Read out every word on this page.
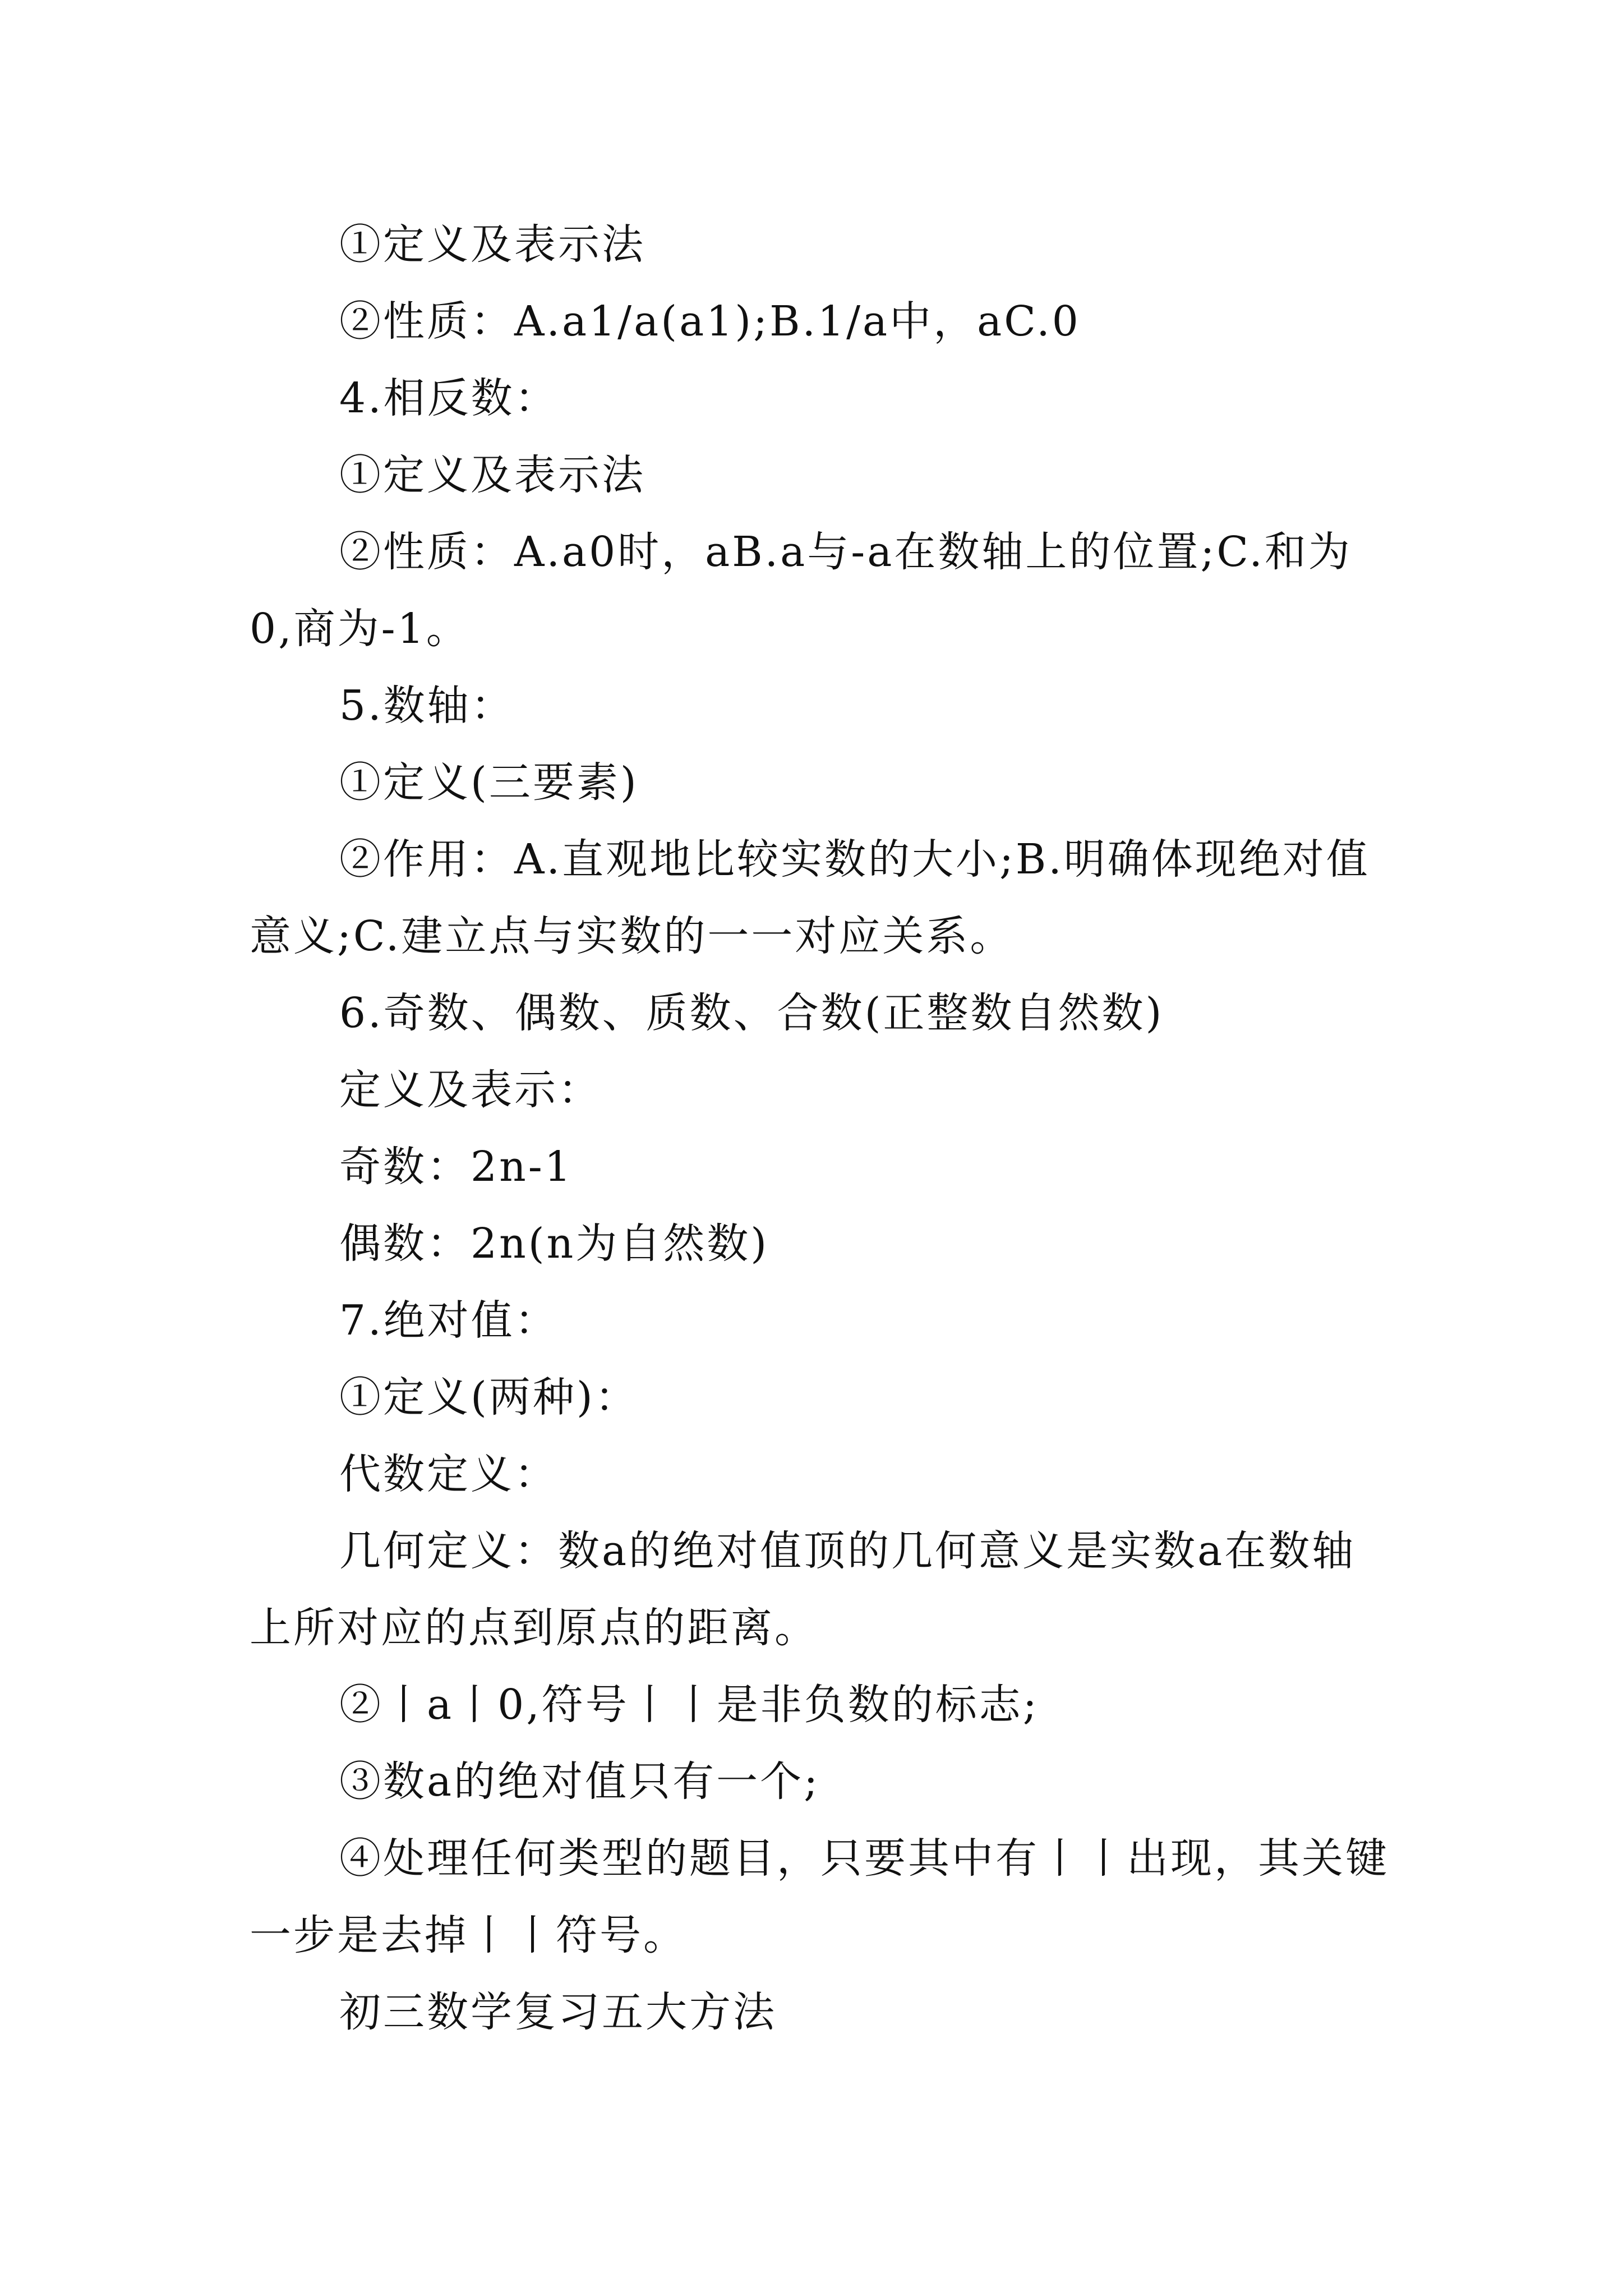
①定义及表示法

②性质：A.a1/a(a1);B.1/a中，aC.0

4.相反数：

①定义及表示法

②性质：A.a0时，aB.a与-a在数轴上的位置;C.和为0,商为-1。

5.数轴：

①定义(三要素)

②作用：A.直观地比较实数的大小;B.明确体现绝对值意义;C.建立点与实数的一一对应关系。

6.奇数、偶数、质数、合数(正整数自然数)

定义及表示：

奇数：2n-1

偶数：2n(n为自然数)

7.绝对值：

①定义(两种)：

代数定义：

几何定义：数a的绝对值顶的几何意义是实数a在数轴上所对应的点到原点的距离。

②丨a丨0,符号丨丨是非负数的标志;

③数a的绝对值只有一个;

④处理任何类型的题目，只要其中有丨丨出现，其关键一步是去掉丨丨符号。

初三数学复习五大方法
